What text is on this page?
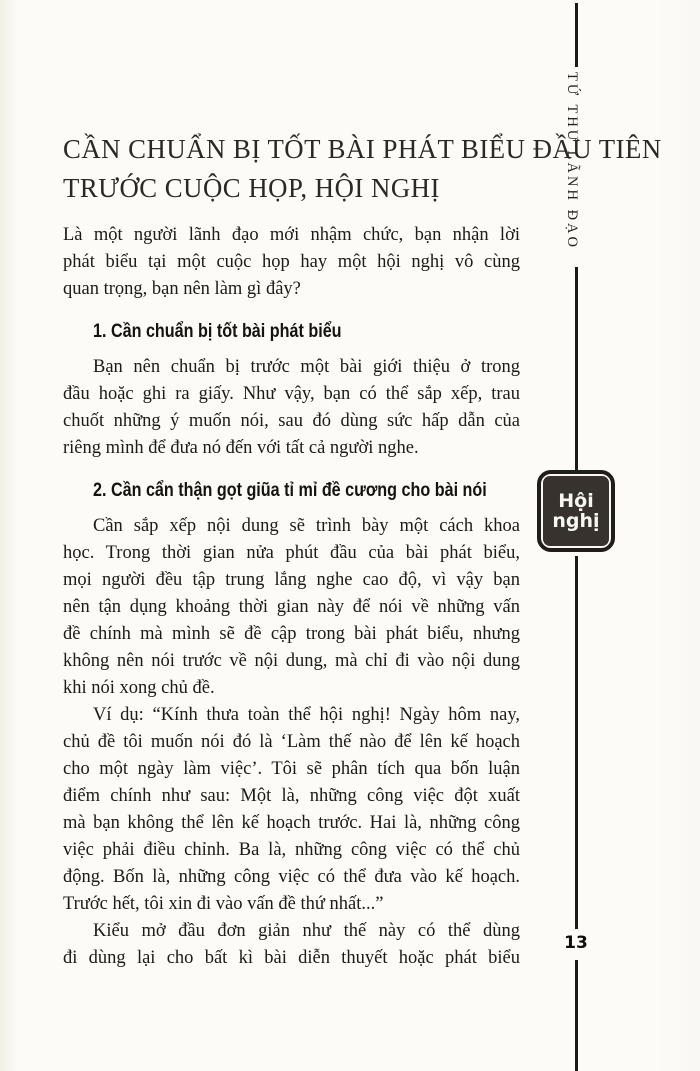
CẦN CHUẨN BỊ TỐT BÀI PHÁT BIỂU ĐẦU TIÊN
TRƯỚC CUỘC HỌP, HỘI NGHỊ
Là một người lãnh đạo mới nhậm chức, bạn nhận lời
phát biểu tại một cuộc họp hay một hội nghị vô cùng
quan trọng, bạn nên làm gì đây?
1. Cần chuẩn bị tốt bài phát biểu
Bạn nên chuẩn bị trước một bài giới thiệu ở trong
đầu hoặc ghi ra giấy. Như vậy, bạn có thể sắp xếp, trau
chuốt những ý muốn nói, sau đó dùng sức hấp dẫn của
riêng mình để đưa nó đến với tất cả người nghe.
2. Cần cẩn thận gọt giũa tỉ mỉ đề cương cho bài nói
Cần sắp xếp nội dung sẽ trình bày một cách khoa
học. Trong thời gian nửa phút đầu của bài phát biểu,
mọi người đều tập trung lắng nghe cao độ, vì vậy bạn
nên tận dụng khoảng thời gian này để nói về những vấn
đề chính mà mình sẽ đề cập trong bài phát biểu, nhưng
không nên nói trước về nội dung, mà chỉ đi vào nội dung
khi nói xong chủ đề.
Ví dụ: “Kính thưa toàn thể hội nghị! Ngày hôm nay,
chủ đề tôi muốn nói đó là ‘Làm thế nào để lên kế hoạch
cho một ngày làm việc’. Tôi sẽ phân tích qua bốn luận
điểm chính như sau: Một là, những công việc đột xuất
mà bạn không thể lên kế hoạch trước. Hai là, những công
việc phải điều chỉnh. Ba là, những công việc có thể chủ
động. Bốn là, những công việc có thể đưa vào kế hoạch.
Trước hết, tôi xin đi vào vấn đề thứ nhất...”
Kiểu mở đầu đơn giản như thế này có thể dùng
đi dùng lại cho bất kì bài diễn thuyết hoặc phát biểu
TỨ THƯ LÃNH ĐẠO
Hội
nghị
13
